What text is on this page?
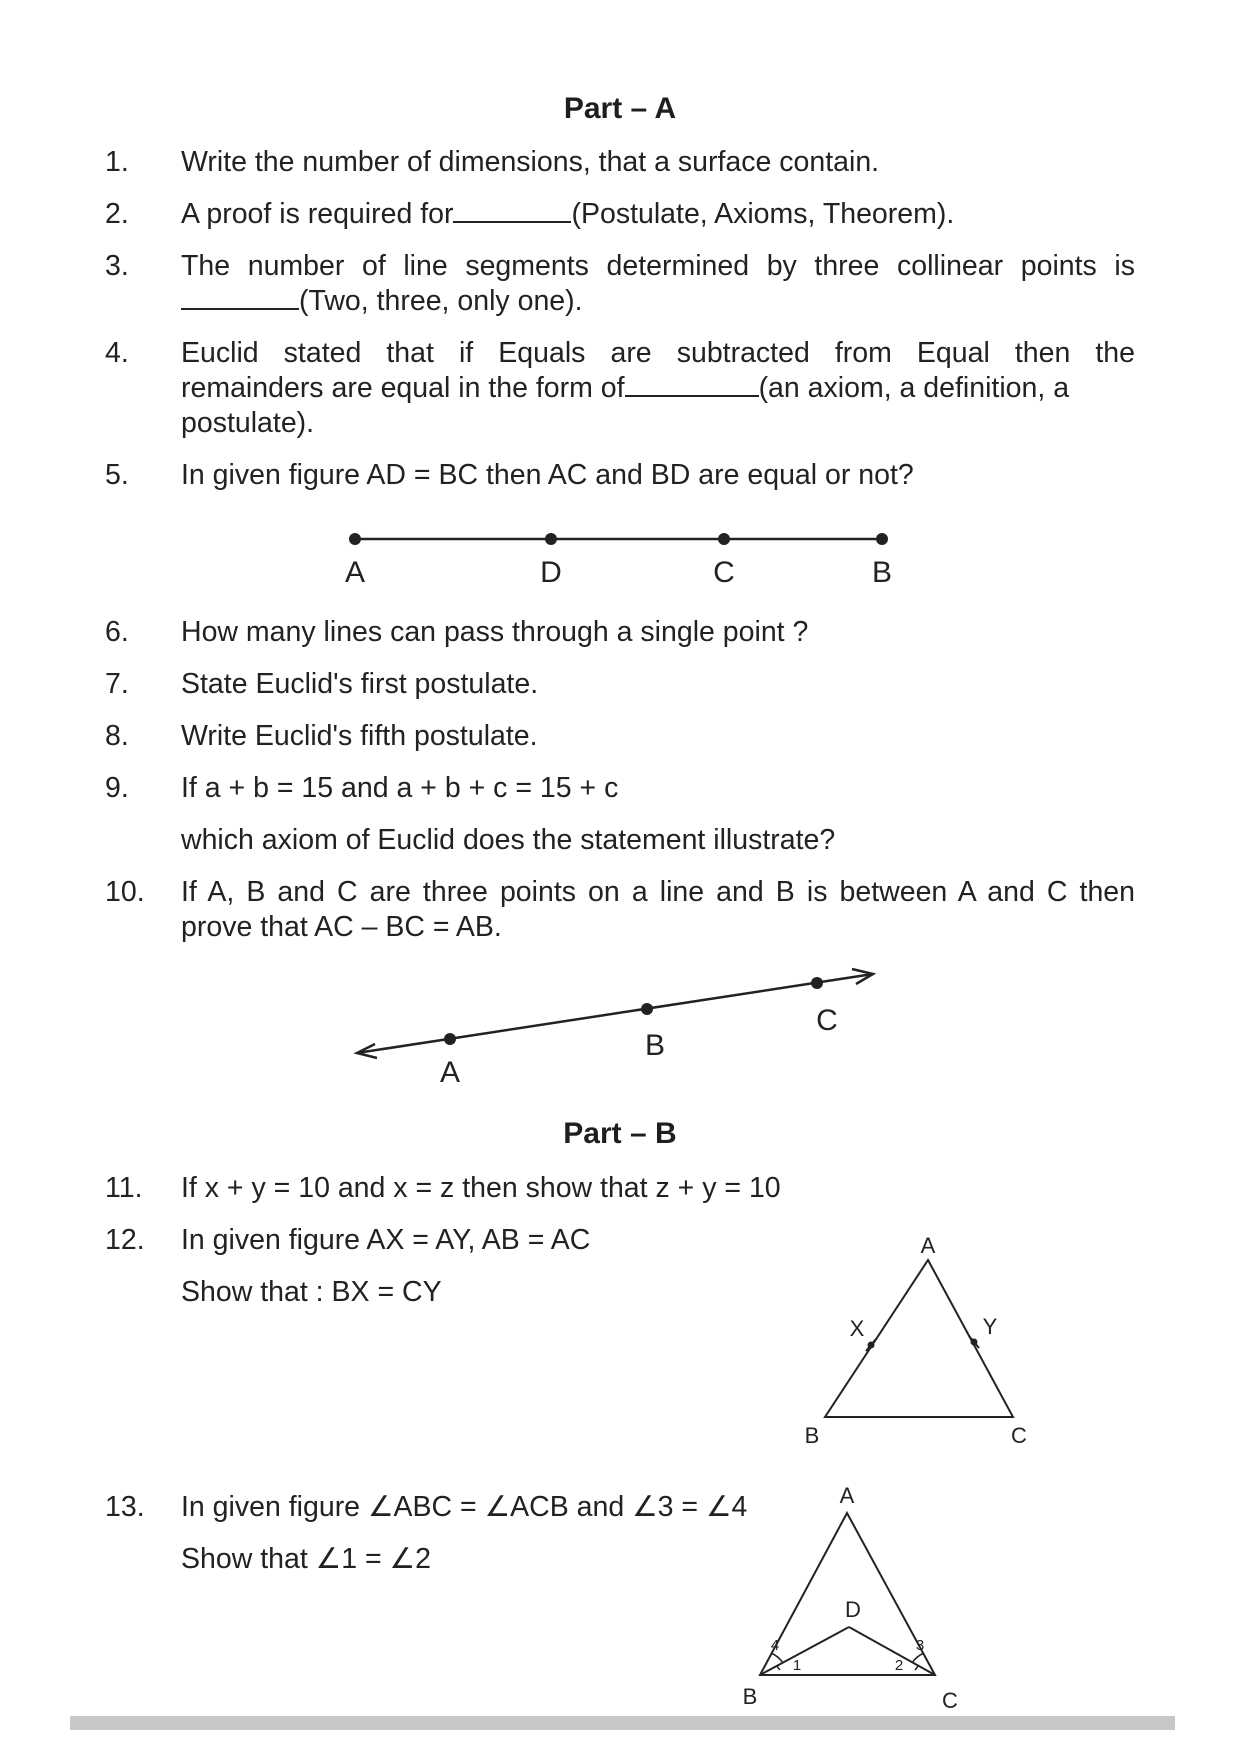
Part – A
1. Write the number of dimensions, that a surface contain.
2. A proof is required for	(Postulate, Axioms, Theorem).
3. The number of line segments determined by three collinear points is
(Two, three, only one).
4. Euclid stated that if Equals are subtracted from Equal then the
remainders are equal in the form of	(an axiom, a definition, a
postulate).
5. In given figure AD = BC then AC and BD are equal or not?
A	D	C	B
6. How many lines can pass through a single point ?
7. State Euclid's first postulate.
8. Write Euclid's fifth postulate.
9. If a + b = 15 and a + b + c = 15 + c
which axiom of Euclid does the statement illustrate?
10. If A, B and C are three points on a line and B is between A and C then
prove that AC – BC = AB.
A
B
C
Part – B
11. If x + y = 10 and x = z then show that z + y = 10
12. In given figure AX = AY, AB = AC
Show that : BX = CY
A
X	Y
B	C
13. In given figure ∠ABC = ∠ACB and ∠3 = ∠4
Show that ∠1 = ∠2
A
D
B	C
1	2
3
4
